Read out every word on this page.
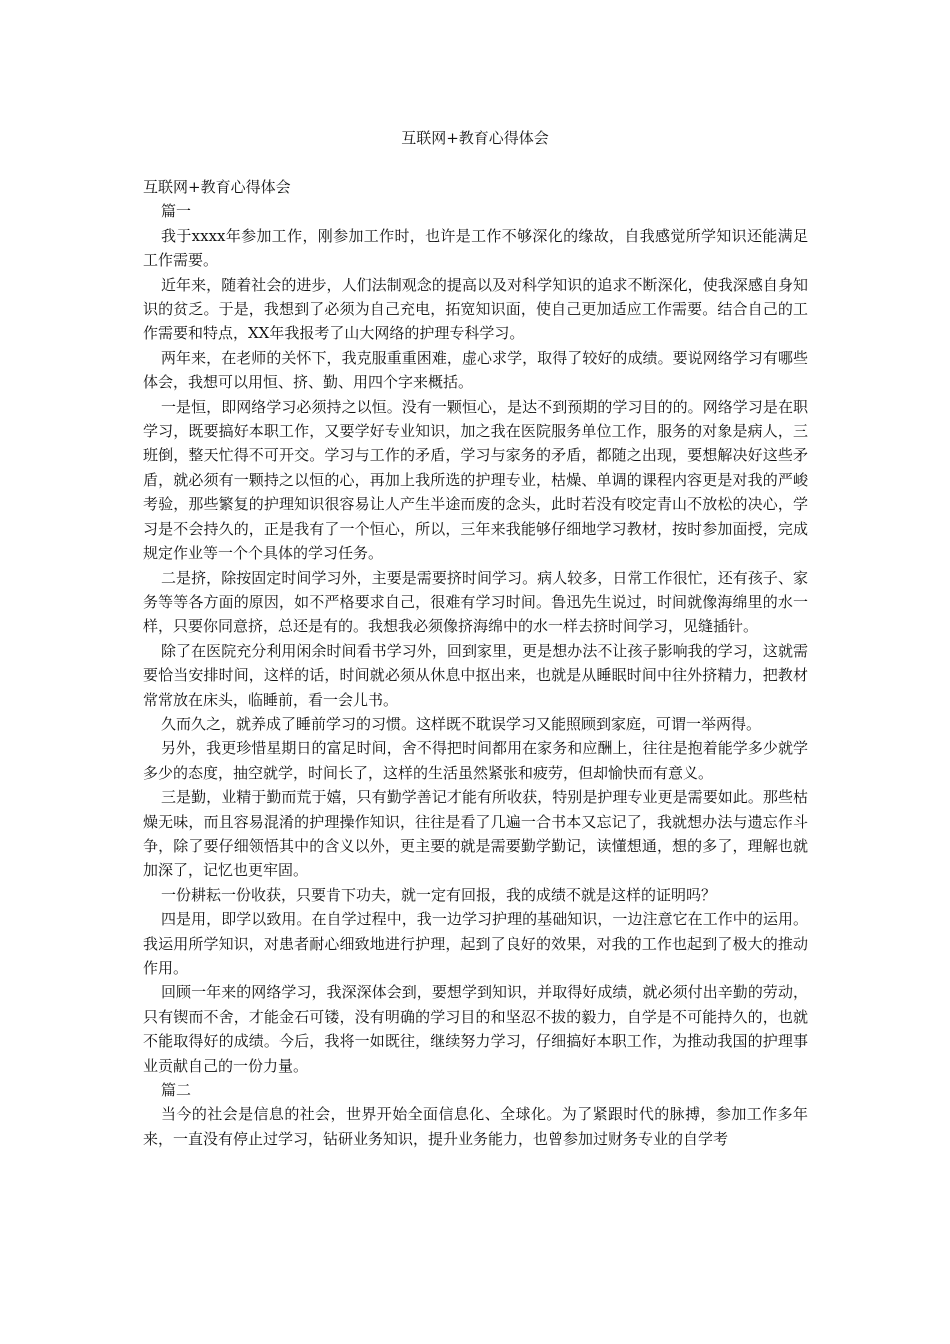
互联网+教育心得体会

互联网+教育心得体会

篇一

我于xxxx年参加工作，刚参加工作时，也许是工作不够深化的缘故，自我感觉所学知识还能满足工作需要。

近年来，随着社会的进步，人们法制观念的提高以及对科学知识的追求不断深化，使我深感自身知识的贫乏。于是，我想到了必须为自己充电，拓宽知识面，使自己更加适应工作需要。结合自己的工作需要和特点，XX年我报考了山大网络的护理专科学习。

两年来，在老师的关怀下，我克服重重困难，虚心求学，取得了较好的成绩。要说网络学习有哪些体会，我想可以用恒、挤、勤、用四个字来概括。

一是恒，即网络学习必须持之以恒。没有一颗恒心，是达不到预期的学习目的的。网络学习是在职学习，既要搞好本职工作，又要学好专业知识，加之我在医院服务单位工作，服务的对象是病人，三班倒，整天忙得不可开交。学习与工作的矛盾，学习与家务的矛盾，都随之出现，要想解决好这些矛盾，就必须有一颗持之以恒的心，再加上我所选的护理专业，枯燥、单调的课程内容更是对我的严峻考验，那些繁复的护理知识很容易让人产生半途而废的念头，此时若没有咬定青山不放松的决心，学习是不会持久的，正是我有了一个恒心，所以，三年来我能够仔细地学习教材，按时参加面授，完成规定作业等一个个具体的学习任务。

二是挤，除按固定时间学习外，主要是需要挤时间学习。病人较多，日常工作很忙，还有孩子、家务等等各方面的原因，如不严格要求自己，很难有学习时间。鲁迅先生说过，时间就像海绵里的水一样，只要你同意挤，总还是有的。我想我必须像挤海绵中的水一样去挤时间学习，见缝插针。

除了在医院充分利用闲余时间看书学习外，回到家里，更是想办法不让孩子影响我的学习，这就需要恰当安排时间，这样的话，时间就必须从休息中抠出来，也就是从睡眠时间中往外挤精力，把教材常常放在床头，临睡前，看一会儿书。

久而久之，就养成了睡前学习的习惯。这样既不耽误学习又能照顾到家庭，可谓一举两得。

另外，我更珍惜星期日的富足时间，舍不得把时间都用在家务和应酬上，往往是抱着能学多少就学多少的态度，抽空就学，时间长了，这样的生活虽然紧张和疲劳，但却愉快而有意义。

三是勤，业精于勤而荒于嬉，只有勤学善记才能有所收获，特别是护理专业更是需要如此。那些枯燥无味，而且容易混淆的护理操作知识，往往是看了几遍一合书本又忘记了，我就想办法与遗忘作斗争，除了要仔细领悟其中的含义以外，更主要的就是需要勤学勤记，读懂想通，想的多了，理解也就加深了，记忆也更牢固。

一份耕耘一份收获，只要肯下功夫，就一定有回报，我的成绩不就是这样的证明吗？

四是用，即学以致用。在自学过程中，我一边学习护理的基础知识，一边注意它在工作中的运用。我运用所学知识，对患者耐心细致地进行护理，起到了良好的效果，对我的工作也起到了极大的推动作用。

回顾一年来的网络学习，我深深体会到，要想学到知识，并取得好成绩，就必须付出辛勤的劳动，只有锲而不舍，才能金石可镂，没有明确的学习目的和坚忍不拔的毅力，自学是不可能持久的，也就不能取得好的成绩。今后，我将一如既往，继续努力学习，仔细搞好本职工作，为推动我国的护理事业贡献自己的一份力量。

篇二

当今的社会是信息的社会，世界开始全面信息化、全球化。为了紧跟时代的脉搏，参加工作多年来，一直没有停止过学习，钻研业务知识，提升业务能力，也曾参加过财务专业的自学考
